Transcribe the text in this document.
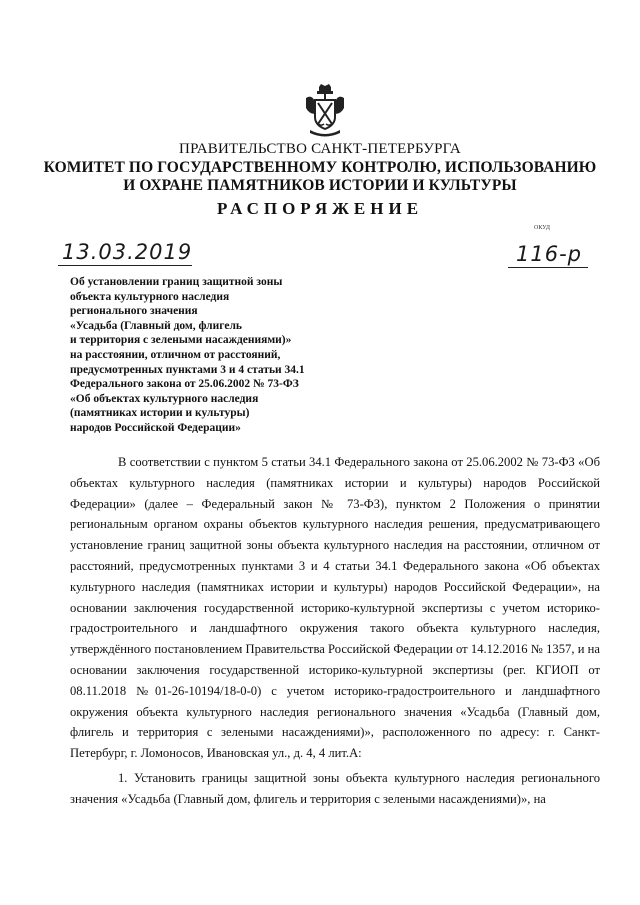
ПРАВИТЕЛЬСТВО САНКТ-ПЕТЕРБУРГА
КОМИТЕТ ПО ГОСУДАРСТВЕННОМУ КОНТРОЛЮ, ИСПОЛЬЗОВАНИЮ
И ОХРАНЕ ПАМЯТНИКОВ ИСТОРИИ И КУЛЬТУРЫ
РАСПОРЯЖЕНИЕ
ОКУД
13.03.2019	116-р
Об установлении границ защитной зоны
объекта культурного наследия
регионального значения
«Усадьба (Главный дом, флигель
и территория с зелеными насаждениями)»
на расстоянии, отличном от расстояний,
предусмотренных пунктами 3 и 4 статьи 34.1
Федерального закона от 25.06.2002 № 73-ФЗ
«Об объектах культурного наследия
(памятниках истории и культуры)
народов Российской Федерации»

В соответствии с пунктом 5 статьи 34.1 Федерального закона от 25.06.2002 № 73-ФЗ «Об объектах культурного наследия (памятниках истории и культуры) народов Российской Федерации» (далее – Федеральный закон № 73-ФЗ), пунктом 2 Положения о принятии региональным органом охраны объектов культурного наследия решения, предусматривающего установление границ защитной зоны объекта культурного наследия на расстоянии, отличном от расстояний, предусмотренных пунктами 3 и 4 статьи 34.1 Федерального закона «Об объектах культурного наследия (памятниках истории и культуры) народов Российской Федерации», на основании заключения государственной историко-культурной экспертизы с учетом историко-градостроительного и ландшафтного окружения такого объекта культурного наследия, утверждённого постановлением Правительства Российской Федерации от 14.12.2016 № 1357, и на основании заключения государственной историко-культурной экспертизы (рег. КГИОП от 08.11.2018 №01-26-10194/18-0-0) с учетом историко-градостроительного и ландшафтного окружения объекта культурного наследия регионального значения «Усадьба (Главный дом, флигель и территория с зелеными насаждениями)», расположенного по адресу: г. Санкт-Петербург, г. Ломоносов, Ивановская ул., д. 4, 4 лит.А:

1. Установить границы защитной зоны объекта культурного наследия регионального значения «Усадьба (Главный дом, флигель и территория с зелеными насаждениями)», на
